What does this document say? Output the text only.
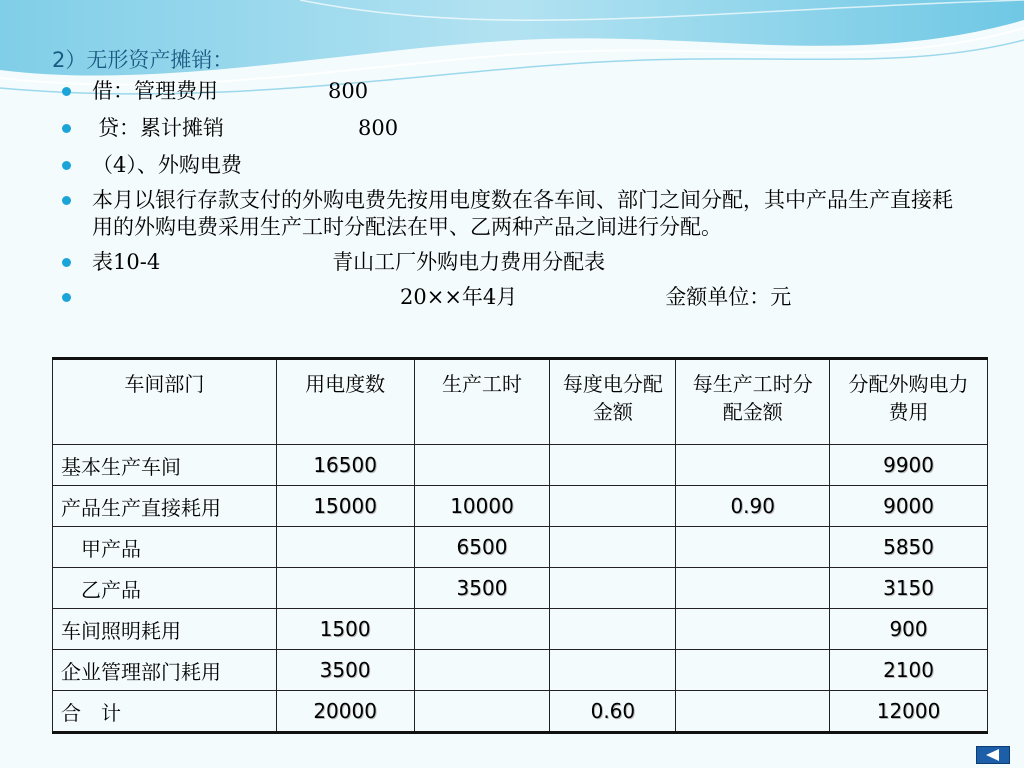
2）无形资产摊销：
借：管理费用	800
贷：累计摊销	800
（4）、外购电费
本月以银行存款支付的外购电费先按用电度数在各车间、部门之间分配，其中产品生产直接耗用的外购电费采用生产工时分配法在甲、乙两种产品之间进行分配。
表10-4	青山工厂外购电力费用分配表
20××年4月	金额单位：元
车间部门	用电度数	生产工时	每度电分配金额	每生产工时分配金额	分配外购电力费用
基本生产车间	16500				9900
产品生产直接耗用	15000	10000		0.90	9000
甲产品		6500			5850
乙产品		3500			3150
车间照明耗用	1500				900
企业管理部门耗用	3500				2100
合　计	20000		0.60		12000
